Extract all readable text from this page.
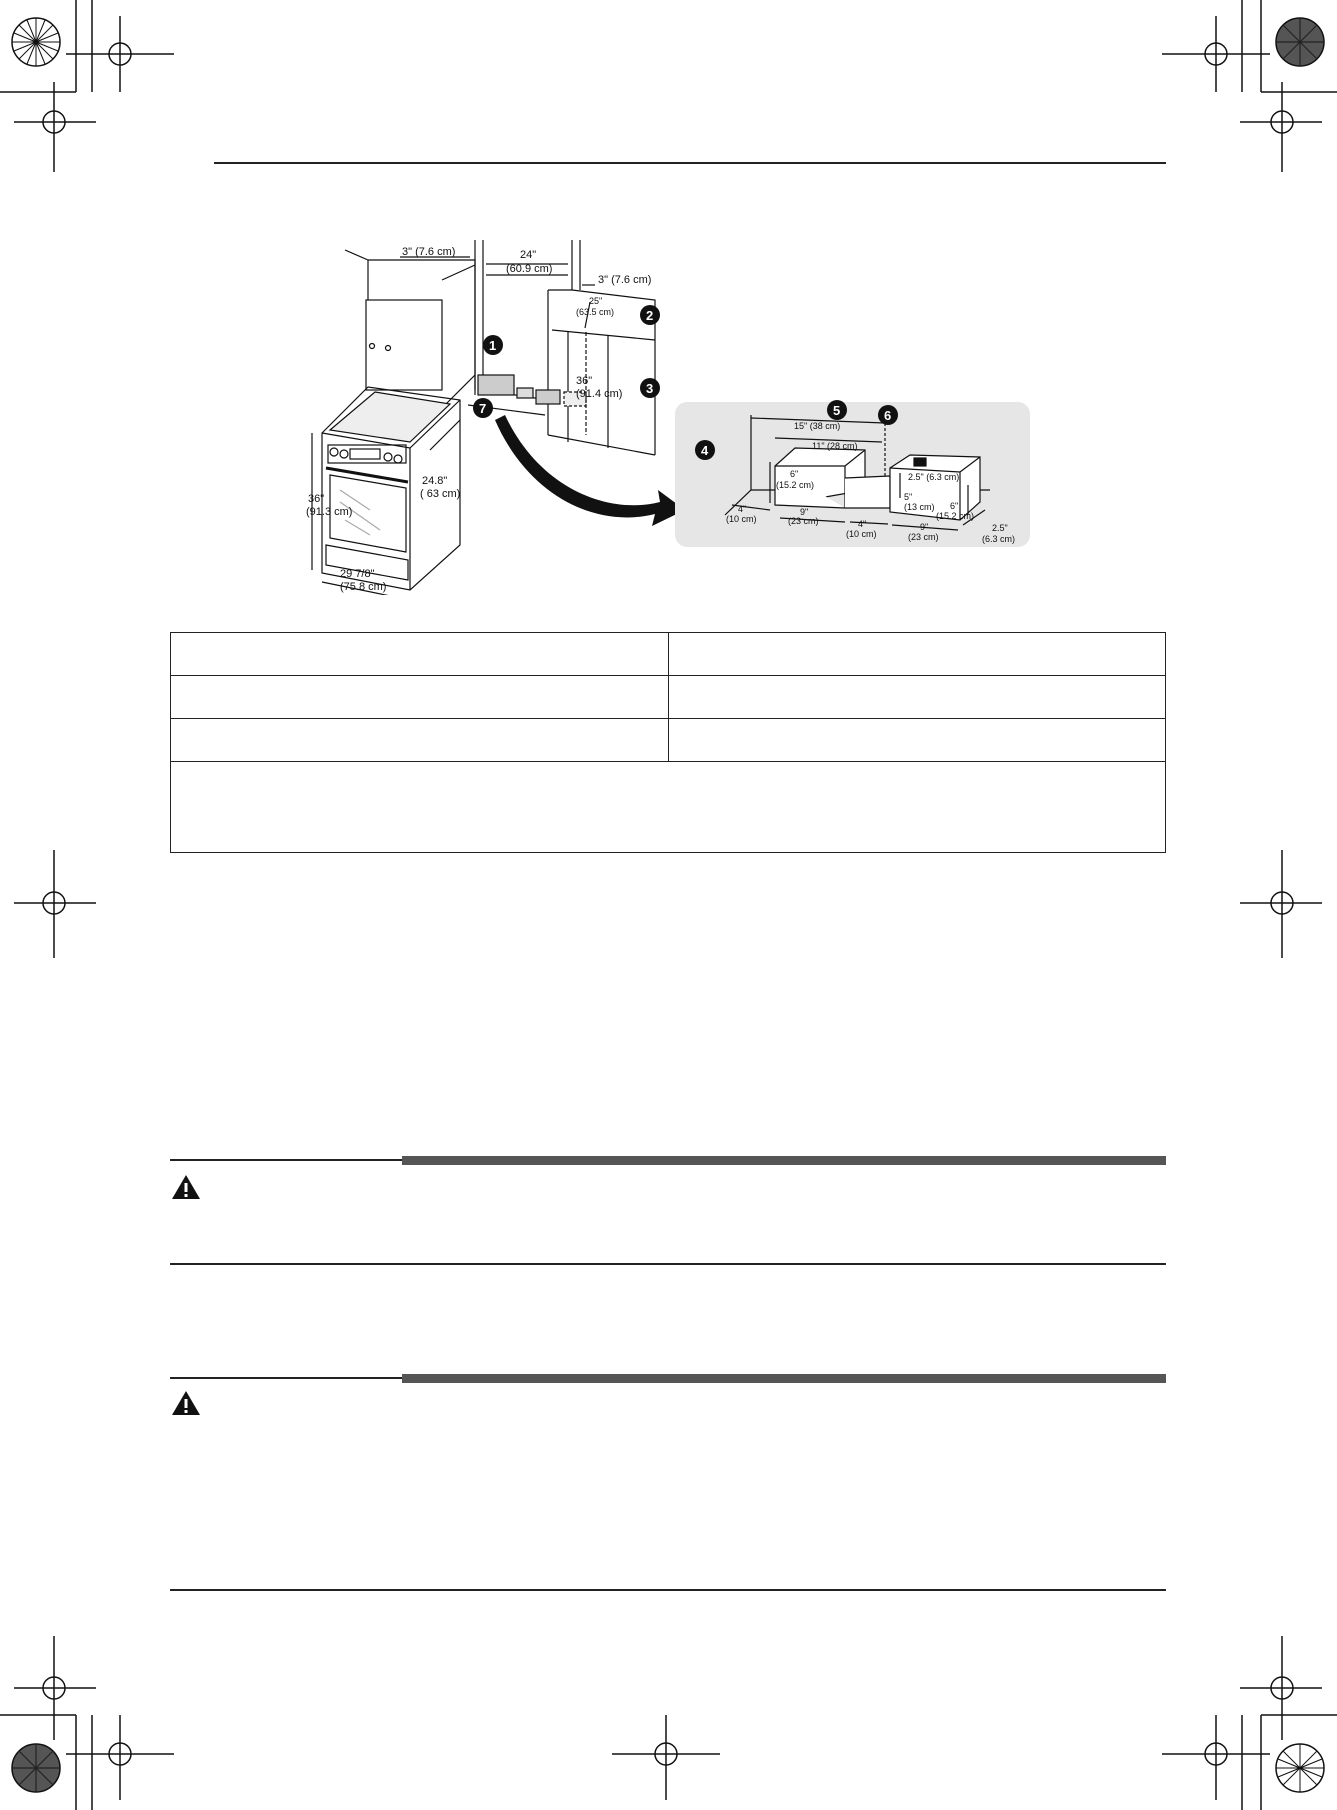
3" (7.6 cm)	24"
(60.9 cm)
3" (7.6 cm)
25"
(63.5 cm)
36"
(91.4 cm)
36"
(91.3 cm)
24.8"
( 63 cm)
29 7/8"
(75.8 cm)
15" (38 cm)
11" (28 cm)
6"
(15.2 cm)
4"
(10 cm)
9"
(23 cm)	4"
(10 cm)
9"
(23 cm)
2.5" (6.3 cm)
5"
(13 cm) 6"
(15.2 cm)
2.5"
(6.3 cm)
1
2
3
4
5	6
7
